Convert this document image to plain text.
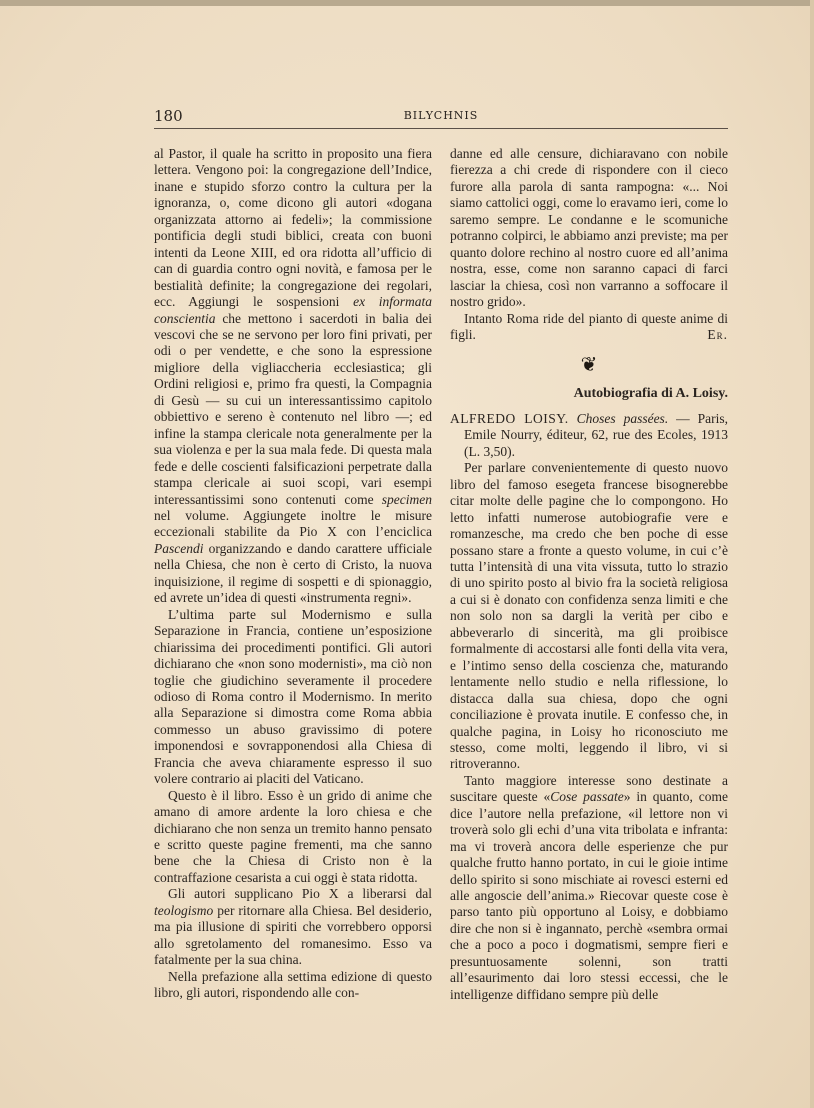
180	BILYCHNIS

al Pastor, il quale ha scritto in proposito una fiera lettera. Vengono poi: la congregazione dell’Indice, inane e stupido sforzo contro la cultura per la ignoranza, o, come dicono gli autori «dogana organizzata attorno ai fedeli»; la commissione pontificia degli studi biblici, creata con buoni intenti da Leone XIII, ed ora ridotta all’ufficio di can di guardia contro ogni novità, e famosa per le bestialità definite; la congregazione dei regolari, ecc. Aggiungi le sospensioni ex informata conscientia che mettono i sacerdoti in balia dei vescovi che se ne servono per loro fini privati, per odi o per vendette, e che sono la espressione migliore della vigliaccheria ecclesiastica; gli Ordini religiosi e, primo fra questi, la Compagnia di Gesù — su cui un interessantissimo capitolo obbiettivo e sereno è contenuto nel libro —; ed infine la stampa clericale nota generalmente per la sua violenza e per la sua mala fede. Di questa mala fede e delle coscienti falsificazioni perpetrate dalla stampa clericale ai suoi scopi, vari esempi interessantissimi sono contenuti come specimen nel volume. Aggiungete inoltre le misure eccezionali stabilite da Pio X con l’enciclica Pascendi organizzando e dando carattere ufficiale nella Chiesa, che non è certo di Cristo, la nuova inquisizione, il regime di sospetti e di spionaggio, ed avrete un’idea di questi «instrumenta regni».

L’ultima parte sul Modernismo e sulla Separazione in Francia, contiene un’esposizione chiarissima dei procedimenti pontifici. Gli autori dichiarano che «non sono modernisti», ma ciò non toglie che giudichino severamente il procedere odioso di Roma contro il Modernismo. In merito alla Separazione si dimostra come Roma abbia commesso un abuso gravissimo di potere imponendosi e sovrapponendosi alla Chiesa di Francia che aveva chiaramente espresso il suo volere contrario ai placiti del Vaticano.

Questo è il libro. Esso è un grido di anime che amano di amore ardente la loro chiesa e che dichiarano che non senza un tremito hanno pensato e scritto queste pagine frementi, ma che sanno bene che la Chiesa di Cristo non è la contraffazione cesarista a cui oggi è stata ridotta.

Gli autori supplicano Pio X a liberarsi dal teologismo per ritornare alla Chiesa. Bel desiderio, ma pia illusione di spiriti che vorrebbero opporsi allo sgretolamento del romanesimo. Esso va fatalmente per la sua china.

Nella prefazione alla settima edizione di questo libro, gli autori, rispondendo alle con-

danne ed alle censure, dichiaravano con nobile fierezza a chi crede di rispondere con il cieco furore alla parola di santa rampogna: «... Noi siamo cattolici oggi, come lo eravamo ieri, come lo saremo sempre. Le condanne e le scomuniche potranno colpirci, le abbiamo anzi previste; ma per quanto dolore rechino al nostro cuore ed all’anima nostra, esse, come non saranno capaci di farci lasciar la chiesa, così non varranno a soffocare il nostro grido».

Intanto Roma ride del pianto di queste anime di figli.	Er.

❦
Autobiografia di A. Loisy.

ALFREDO LOISY. Choses passées. — Paris, Emile Nourry, éditeur, 62, rue des Ecoles, 1913 (L. 3,50).

Per parlare convenientemente di questo nuovo libro del famoso esegeta francese bisognerebbe citar molte delle pagine che lo compongono. Ho letto infatti numerose autobiografie vere e romanzesche, ma credo che ben poche di esse possano stare a fronte a questo volume, in cui c’è tutta l’intensità di una vita vissuta, tutto lo strazio di uno spirito posto al bivio fra la società religiosa a cui si è donato con confidenza senza limiti e che non solo non sa dargli la verità per cibo e abbeverarlo di sincerità, ma gli proibisce formalmente di accostarsi alle fonti della vita vera, e l’intimo senso della coscienza che, maturando lentamente nello studio e nella riflessione, lo distacca dalla sua chiesa, dopo che ogni conciliazione è provata inutile. E confesso che, in qualche pagina, in Loisy ho riconosciuto me stesso, come molti, leggendo il libro, vi si ritroveranno.

Tanto maggiore interesse sono destinate a suscitare queste «Cose passate» in quanto, come dice l’autore nella prefazione, «il lettore non vi troverà solo gli echi d’una vita tribolata e infranta: ma vi troverà ancora delle esperienze che pur qualche frutto hanno portato, in cui le gioie intime dello spirito si sono mischiate ai rovesci esterni ed alle angoscie dell’anima.» Riecovar queste cose è parso tanto più opportuno al Loisy, e dobbiamo dire che non si è ingannato, perchè «sembra ormai che a poco a poco i dogmatismi, sempre fieri e presuntuosamente solenni, son tratti all’esaurimento dai loro stessi eccessi, che le intelligenze diffidano sempre più delle
